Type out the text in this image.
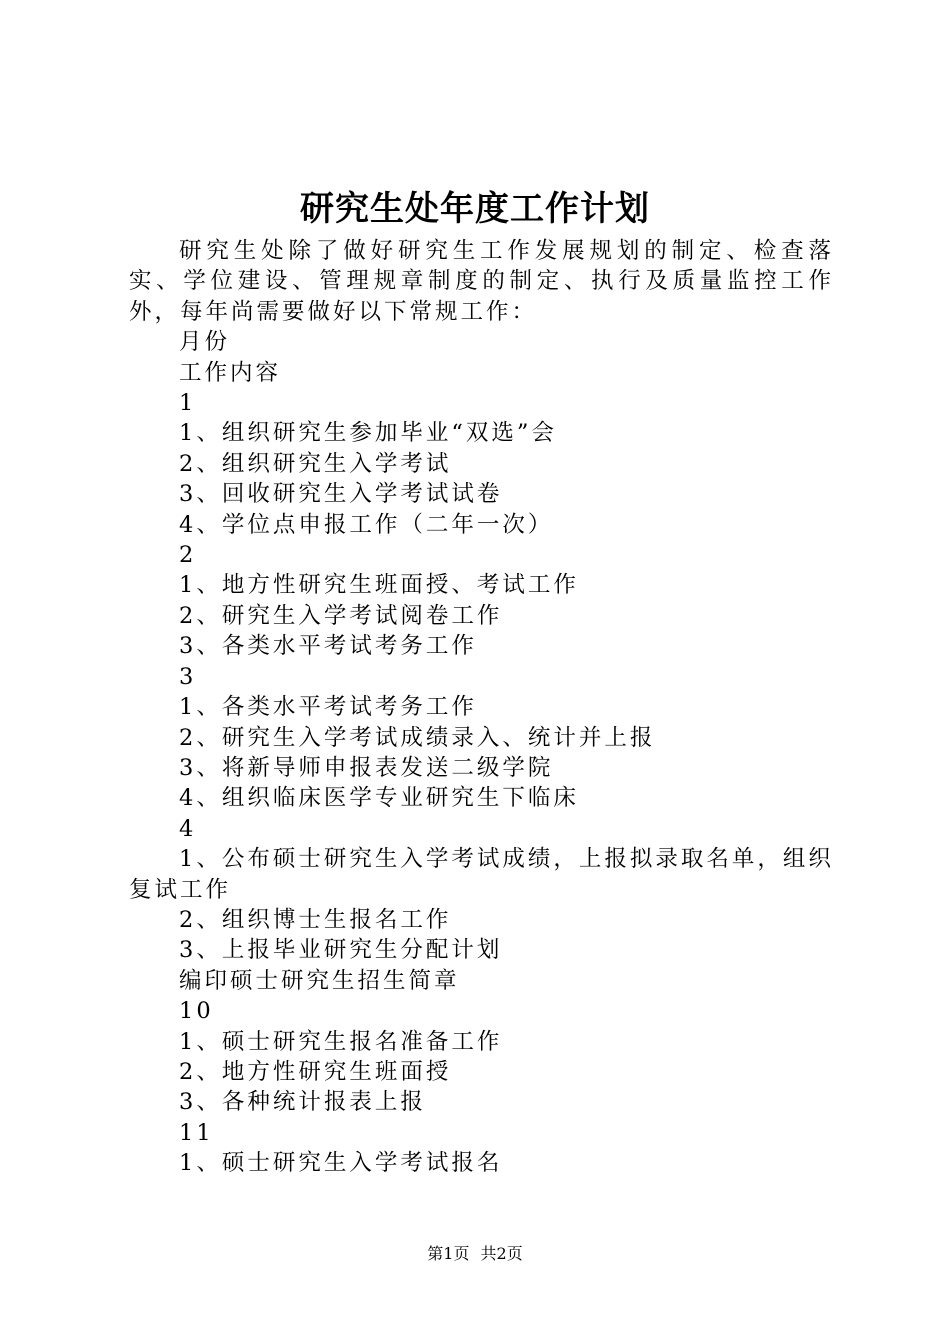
研究生处年度工作计划

研究生处除了做好研究生工作发展规划的制定、检查落实、学位建设、管理规章制度的制定、执行及质量监控工作外，每年尚需要做好以下常规工作：

月份

工作内容

1

1、组织研究生参加毕业“双选”会

2、组织研究生入学考试

3、回收研究生入学考试试卷

4、学位点申报工作（二年一次）

2

1、地方性研究生班面授、考试工作

2、研究生入学考试阅卷工作

3、各类水平考试考务工作

3

1、各类水平考试考务工作

2、研究生入学考试成绩录入、统计并上报

3、将新导师申报表发送二级学院

4、组织临床医学专业研究生下临床

4

1、公布硕士研究生入学考试成绩，上报拟录取名单，组织复试工作

2、组织博士生报名工作

3、上报毕业研究生分配计划

编印硕士研究生招生简章

10

1、硕士研究生报名准备工作

2、地方性研究生班面授

3、各种统计报表上报

11

1、硕士研究生入学考试报名

第1页 共2页
